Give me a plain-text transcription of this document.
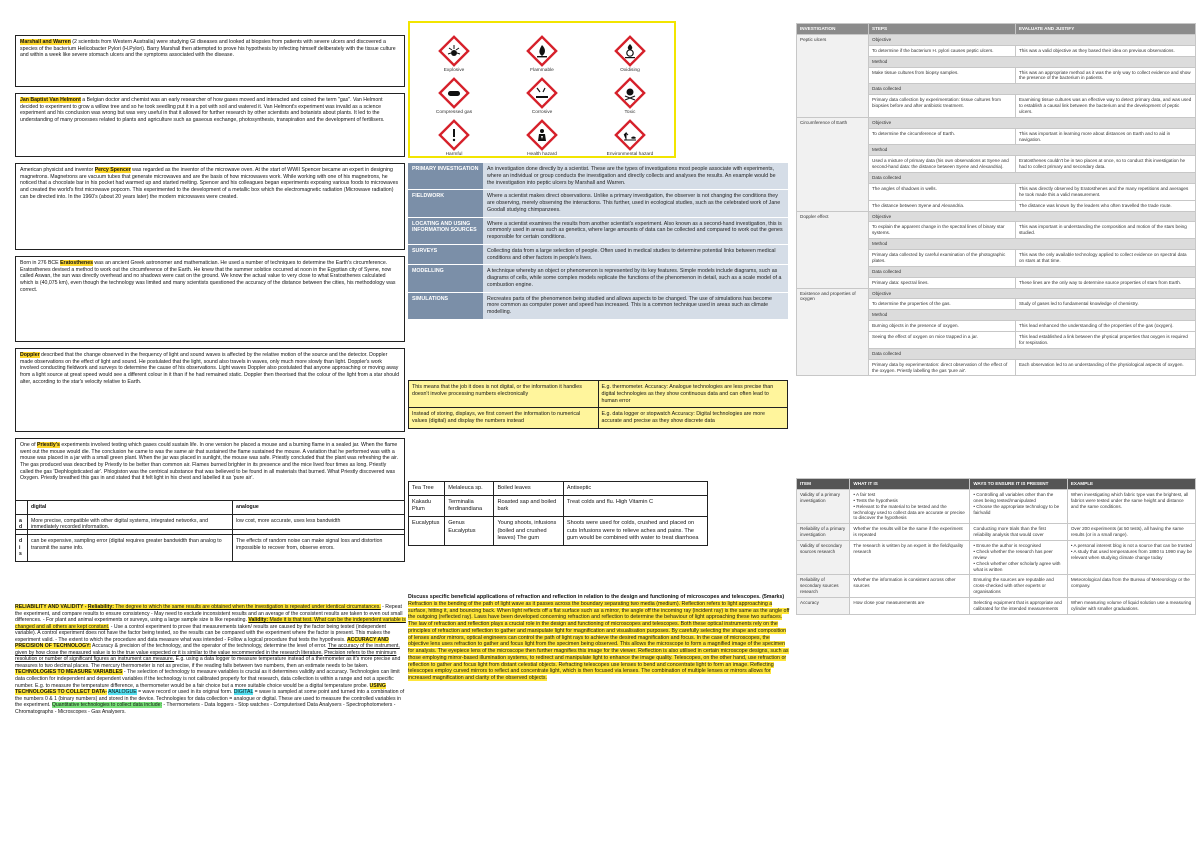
Marshall and Warren (2 scientists from Western Australia) were studying GI diseases and looked at biopsies from patients with severe ulcers and discovered a species of the bacterium Helicobacter Pylori (H.Pylori). Barry Marshall then attempted to prove his hypothesis by infecting himself deliberately with the tissue culture and within a week like severe stomach ulcers and the symptoms associated with the disease.
Jan Baptist Van Helmont a Belgian doctor and chemist was an early researcher of how gases moved and interacted and coined the term "gas". Van Helmont decided to experiment to grow a willow tree and so he took seedling put it in a pot with soil and watered it. Van Helmont's experiment was invalid as a science experiment and his conclusion was wrong but was very useful in that it allowed for further research by other scientists and botanists about plants. It led to the understanding of many processes related to plants and agriculture such as gaseous exchange, photosynthesis, transpiration and the development of fertilisers.
American physicist and inventor Percy Spencer was regarded as the inventor of the microwave oven. At the start of WWII Spencer became an expert in designing magnetrons. Magnetrons are vacuum tubes that generate microwaves and are the basis of how microwaves work. While working with one of his magnetrons, he noticed that a chocolate bar in his pocket had warmed up and started melting. Spencer and his colleagues began experiments exposing various foods to microwaves and created the world's first microwave popcorn. This experimented to the development of a metallic box which the electromagnetic radiation (Microwave radiation) can be directed into. In the 1960's (about 20 years later) the modern microwaves were created.
Born in 276 BCE Eratosthenes was an ancient Greek astronomer and mathematician. He used a number of techniques to determine the Earth's circumference. Eratosthenes devised a method to work out the circumference of the Earth. He knew that the summer solstice occurred at noon in the Egyptian city of Syene, now called Aswan, the sun was directly overhead and no shadows were cast on the ground. We know the actual value to very close to what Eratosthenes calculated which is (40,075 km), even though the technology was limited and many scientists questioned the accuracy of the distance between the cities, his methodology was correct.
Doppler described that the change observed in the frequency of light and sound waves is affected by the relative motion of the source and the detector. Doppler made observations on the effect of light and sound. He postulated that the light, sound also travels in waves, only much more slowly than light. Doppler's work involved conducting fieldwork and surveys to determine the cause of his observations. Light waves Doppler also postulated that anyone approaching or moving away from a light source at great speed would see a different colour in it than if he had remained static. Doppler then theorised that the colour of the light from a star should alter, according to the star's velocity relative to Earth.
One of Priestly's experiments involved testing which gases could sustain life. In one version he placed a mouse and a burning flame in a sealed jar. When the flame went out the mouse would die. The conclusion he came to was the same air that sustained the flame sustained the mouse. A variation that he performed was with a mouse was placed in a jar with a small green plant. When the jar was placed in sunlight, the mouse was safe. Priestly concluded that the plant was refreshing the air. The gas produced was described by Priestly to be better than common air. Flames burned brighter in its presence and the mice lived four times as long. Priestly called the gas 'Dephlogisticated air'. Phlogiston was the centrical substance that was believed to be found in all materials that burned. What Priestly discovered was Oxygen. Priestly breathed this gas in and stated that it felt light in his chest and labelled it as 'pure air'.
	digital	analogue
a
d	More precise, compatible with other digital systems, integrated networks, and immediately recorded information.	low cost, more accurate, uses less bandwidth
d
i
s	can be expensive, sampling error (digital requires greater bandwidth than analog to transmit the same info.	The effects of random noise can make signal loss and distortion impossible to recover from, observe errors.
RELIABILITY AND VALIDITY - Reliability: The degree to which the same results are obtained when the investigation is repeated under identical circumstances. - Repeat the experiment, and compare results to ensure consistency - May need to exclude inconsistent results and an average of the consistent results are taken to even out small differences. - For plant and animal experiments or surveys, using a large sample size is like repeating. Validity: Made it is that test. What can be the independent variable is changed and all others are kept constant. - Use a control experiment to prove that measurements taken/ results are caused by the factor being tested (independent variable). A control experiment does not have the factor being tested, so the results can be compared with the experiment where the factor is present. This makes the experiment valid. - The extent to which the procedure and data measure what was intended - Follow a logical procedure that tests the hypothesis. ACCURACY AND PRECISION OF TECHNOLOGY: Accuracy & precision of the technology, and the operator of the technology, determine the level of error. The accuracy of the instrument, given by how close the measured value is to the true value expected or it is similar to the value recommended in the research literature. Precision refers to the minimum resolution or number of significant figures an instrument can measure. E.g. using a data logger to measure temperature instead of a thermometer as it's more precise and measures to two decimal places. The mercury thermometer is not as precise, if the reading falls between two numbers, then an estimate needs to be taken. TECHNOLOGIES TO MEASURE VARIABLES - The selection of technology to measure variables is crucial as it determines validity and accuracy. Technologies can limit data collection for independent and dependent variables if the technology is not calibrated properly for that research, data collection is within a range and not a specific number. E.g. to measure the temperature difference, a thermometer would be a fair choice but a more suitable choice would be a digital temperature probe. USING TECHNOLOGIES TO COLLECT DATA- ANALOGUE = wave record or used in its original form. DIGITAL = wave is sampled at some point and turned into a combination of the numbers 0 & 1 (binary numbers) and stored in the device. Technologies for data collection = analogue or digital. These are used to measure the controlled variables in the experiment. Quantitative technologies to collect data include: - Thermometers - Data loggers - Stop watches - Computerised Data Analysers - Spectrophotometers - Chromatographs - Microscopes - Gas Analysers.
Explosive	Flammable	Oxidising
Compressed gas	Corrosive	Toxic
Harmful	Health hazard	Environmental hazard
PRIMARY INVESTIGATION	An investigation done directly by a scientist. These are the types of investigations most people associate with experiments, where an individual or group conducts the investigation and directly collects and analyses the results. An example would be the investigation into peptic ulcers by Marshall and Warren.
FIELDWORK	Where a scientist makes direct observations. Unlike a primary investigation, the observer is not changing the conditions they are observing, merely observing the interactions. This further, used in ecological studies, such as the celebrated work of Jane Goodall studying chimpanzees.
LOCATING AND USING INFORMATION SOURCES	Where a scientist examines the results from another scientist's experiment. Also known as a second-hand investigation, this is commonly used in areas such as genetics, where large amounts of data can be collected and compared to work out the genes responsible for certain conditions.
SURVEYS	Collecting data from a large selection of people. Often used in medical studies to determine potential links between medical conditions and other factors in people's lives.
MODELLING	A technique whereby an object or phenomenon is represented by its key features. Simple models include diagrams, such as diagrams of cells, while some complex models replicate the functions of the phenomenon in detail, such as a scale model of a combustion engine.
SIMULATIONS	Recreates parts of the phenomenon being studied and allows aspects to be changed. The use of simulations has become more common as computer power and speed has increased. This is a common technique used in areas such as climate modelling.
This means that the job it does is not digital, or the information it handles doesn't involve processing numbers electronically	E.g. thermometer. Accuracy: Analogue technologies are less precise than digital technologies as they show continuous data and can often lead to human error
Instead of storing, displays, we first convert the information to numerical values (digital) and display the numbers instead	E.g. data logger or stopwatch Accuracy: Digital technologies are more accurate and precise as they show discrete data
Tea Tree	Melaleuca sp.	Boiled leaves	Antiseptic
Kakadu Plum	Terminalia ferdinandiana	Roasted sap and boiled bark	Treat colds and flu. High Vitamin C
Eucalyptus	Genus Eucalyptus	Young shoots, infusions (boiled and crushed leaves) The gum	Shoots were used for colds, crushed and placed on cuts Infusions were to relieve aches and pains. The gum would be combined with water to treat diarrhoea
Discuss specific beneficial applications of refraction and reflection in relation to the design and functioning of microscopes and telescopes. (5marks) Refraction is the bending of the path of light wave as it passes across the boundary separating two media (medium). Reflection refers to light approaching a surface, hitting it, and bouncing back. When light reflects off a flat surface such as a mirror, the angle off the incoming ray (incident ray) is the same as the angle off the outgoing (reflected ray). Laws have been developed concerning refraction and reflection to determine the behaviour of light approaching these two surfaces. The law of refraction and reflection plays a crucial role in the design and functioning of microscopes and telescopes. Both these optical instruments rely on the principles of refraction and reflection to gather and manipulate light for magnification and visualisation purposes. By carefully selecting the shape and composition of lenses and/or mirrors, optical engineers can control the path of light rays to achieve the desired magnification and focus. In the case of microscopes, the objective lens uses refraction to gather and focus light from the specimen being observed. This allows the microscope to form a magnified image of the specimen for analysis. The eyepiece lens of the microscope then further magnifies this image for the viewer. Reflection is also utilised in certain microscope designs, such as those employing mirror-based illumination systems, to redirect and manipulate light to enhance the image quality. Telescopes, on the other hand, use refraction or reflection to gather and focus light from distant celestial objects. Refracting telescopes use lenses to bend and concentrate light to form an image. Reflecting telescopes employ curved mirrors to reflect and concentrate light, which is then focused via lenses. The combination of multiple lenses or mirrors allows for increased magnification and clarity of the observed objects.
INVESTIGATION	STEPS	EVALUATE AND JUSTIFY
Peptic ulcers	Objective	
	To determine if the bacterium H. pylori causes peptic ulcers.	This was a valid objective as they based their idea on previous observations.
	Method	
	Make tissue cultures from biopsy samples.	This was an appropriate method as it was the only way to collect evidence and show the presence of the bacterium in patients.
	Data collected	
	Primary data collection by experimentation: tissue cultures from biopsies before and after antibiotic treatment.	Examining tissue cultures was an effective way to detect primary data, and was used to establish a causal link between the bacterium and the development of peptic ulcers.
Circumference of Earth	Objective	
	To determine the circumference of Earth.	This was important in learning more about distances on Earth and to aid in navigation.
	Method	
	Used a mixture of primary data (his own observations at Syene and second-hand data: the distance between Syene and Alexandria).	Eratosthenes couldn't be in two places at once, so to conduct this investigation he had to collect primary and secondary data.
	Data collected	
	The angles of shadows in wells.	This was directly observed by Eratosthenes and the many repetitions and averages he took made this a valid measurement.
	The distance between Syene and Alexandria.	The distance was known by the leaders who often travelled the trade route.
Doppler effect	Objective	
	To explain the apparent change in the spectral lines of binary star systems.	This was important in understanding the composition and motion of the stars being studied.
	Method	
	Primary data collected by careful examination of the photographic plates.	This was the only available technology applied to collect evidence on spectral data on stars at that time.
	Data collected	
	Primary data: spectral lines.	These lines are the only way to determine source properties of stars from Earth.
Existence and properties of oxygen	Objective	
	To determine the properties of the gas.	Study of gases led to fundamental knowledge of chemistry.
	Method	
	Burning objects in the presence of oxygen.	This lead enhanced the understanding of the properties of the gas (oxygen).
	Seeing the effect of oxygen on mice trapped in a jar.	This lead established a link between the physical properties that oxygen is required for respiration.
	Data collected	
	Primary data by experimentation: direct observation of the effect of the oxygen. Priestly labelling the gas 'pure air'.	Each observation led to an understanding of the physiological aspects of oxygen.
ITEM	WHAT IT IS	WAYS TO ENSURE IT IS PRESENT	EXAMPLE
Validity of a primary investigation	• A fair test
• Tests the hypothesis
• Relevant to the material to be tested and the technology used to collect data are accurate or precise to discover the hypothesis	• Controlling all variables other than the ones being tested/manipulated
• Choose the appropriate technology to be fair/valid	When investigating which fabric type was the brightest, all fabrics were tested under the same height and distance and the same conditions.
Reliability of a primary investigation	Whether the results will be the same if the experiment is repeated	Conducting more trials than the first reliability analysis that would cover	Over 200 experiments (at 50 tests), all having the same results (or in a small range).
Validity of secondary sources research	The research is written by an expert in the field/quality research	• Ensure the author is recognised
• Check whether the research has peer review
• Check whether other scholarly agree with what is written	• A personal interest blog is not a source that can be trusted
• A study that used temperatures from 1880 to 1990 may be relevant when studying climate change today
Reliability of secondary sources research	Whether the information is consistent across other sources	Ensuring the sources are reputable and cross-checked with other experts or organisations	Meteorological data from the Bureau of Meteorology or the company.
Accuracy	How close your measurements are	Selecting equipment that is appropriate and calibrated for the intended measurements	When measuring volume of liquid solution use a measuring cylinder with smaller graduations.
